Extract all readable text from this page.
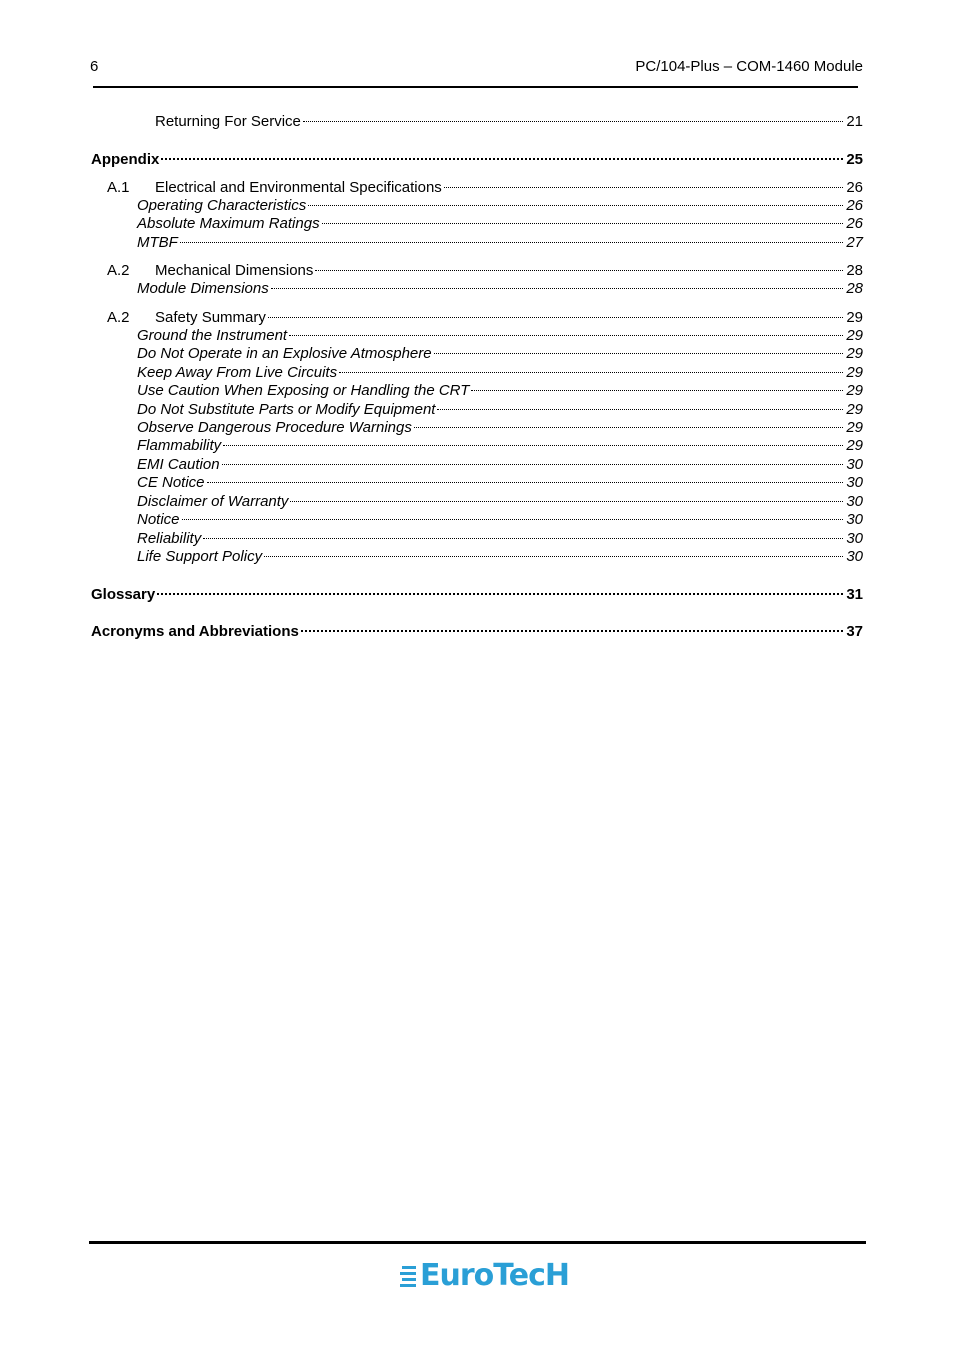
6	PC/104-Plus – COM-1460 Module
Returning For Service	21
Appendix	25
A.1	Electrical and Environmental Specifications	26
Operating Characteristics	26
Absolute Maximum Ratings	26
MTBF	27
A.2	Mechanical Dimensions	28
Module Dimensions	28
A.2	Safety Summary	29
Ground the Instrument	29
Do Not Operate in an Explosive Atmosphere	29
Keep Away From Live Circuits	29
Use Caution When Exposing or Handling the CRT	29
Do Not Substitute Parts or Modify Equipment	29
Observe Dangerous Procedure Warnings	29
Flammability	29
EMI Caution	30
CE Notice	30
Disclaimer of Warranty	30
Notice	30
Reliability	30
Life Support Policy	30
Glossary	31
Acronyms and Abbreviations	37
EuroTecH
